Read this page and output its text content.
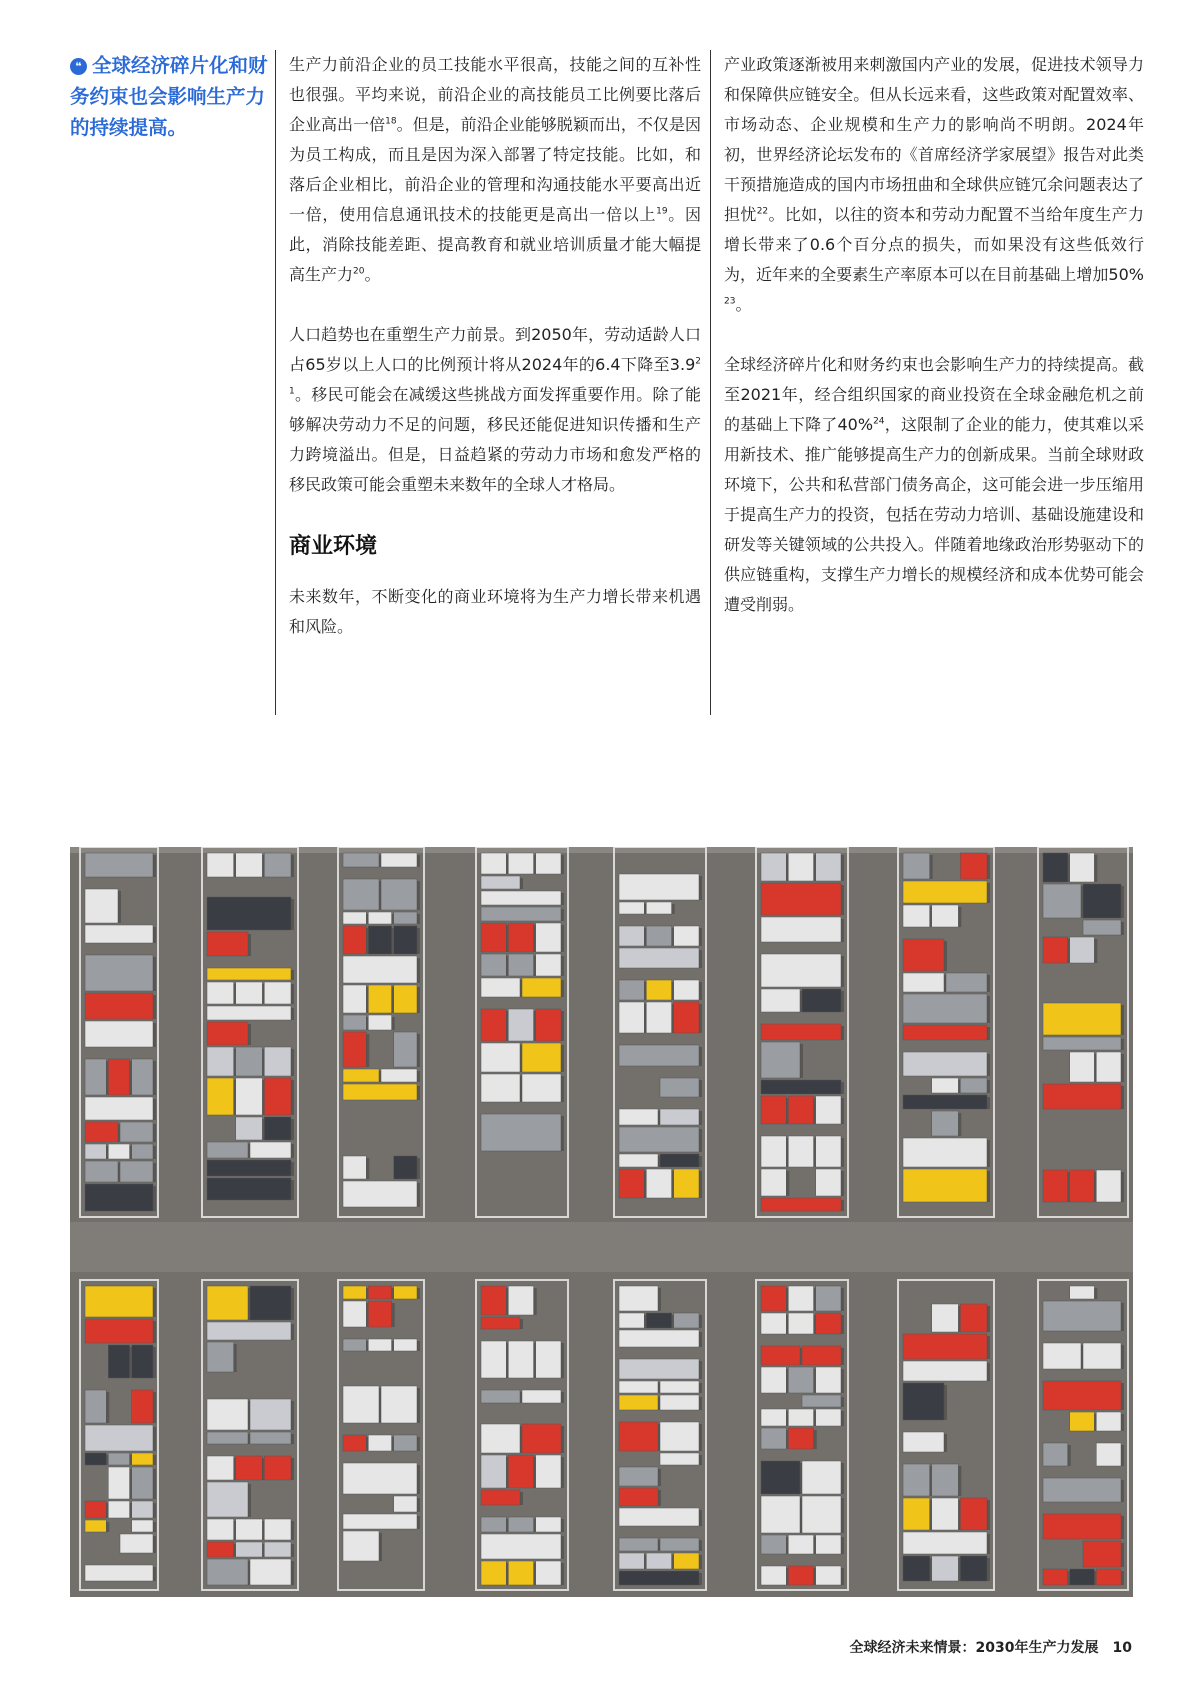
❝ 全球经济碎片化和财务约束也会影响生产力的持续提高。

生产力前沿企业的员工技能水平很高，技能之间的互补性也很强。平均来说，前沿企业的高技能员工比例要比落后企业高出一倍$^{18}$。但是，前沿企业能够脱颖而出，不仅是因为员工构成，而且是因为深入部署了特定技能。比如，和落后企业相比，前沿企业的管理和沟通技能水平要高出近一倍，使用信息通讯技术的技能更是高出一倍以上$^{19}$。因此，消除技能差距、提高教育和就业培训质量才能大幅提高生产力$^{20}$。

人口趋势也在重塑生产力前景。到2050年，劳动适龄人口占65岁以上人口的比例预计将从2024年的6.4下降至$3.9^{21}$。移民可能会在减缓这些挑战方面发挥重要作用。除了能够解决劳动力不足的问题，移民还能促进知识传播和生产力跨境溢出。但是，日益趋紧的劳动力市场和愈发严格的移民政策可能会重塑未来数年的全球人才格局。

商业环境

未来数年，不断变化的商业环境将为生产力增长带来机遇和风险。

产业政策逐渐被用来刺激国内产业的发展，促进技术领导力和保障供应链安全。但从长远来看，这些政策对配置效率、市场动态、企业规模和生产力的影响尚不明朗。2024年初，世界经济论坛发布的《首席经济学家展望》报告对此类干预措施造成的国内市场扭曲和全球供应链冗余问题表达了担忧$^{22}$。比如，以往的资本和劳动力配置不当给年度生产力增长带来了0.6个百分点的损失，而如果没有这些低效行为，近年来的全要素生产率原本可以在目前基础上增加50%$^{23}$。

全球经济碎片化和财务约束也会影响生产力的持续提高。截至2021年，经合组织国家的商业投资在全球金融危机之前的基础上下降了40%$^{24}$，这限制了企业的能力，使其难以采用新技术、推广能够提高生产力的创新成果。当前全球财政环境下，公共和私营部门债务高企，这可能会进一步压缩用于提高生产力的投资，包括在劳动力培训、基础设施建设和研发等关键领域的公共投入。伴随着地缘政治形势驱动下的供应链重构，支撑生产力增长的规模经济和成本优势可能会遭受削弱。

全球经济未来情景：2030年生产力发展 10
